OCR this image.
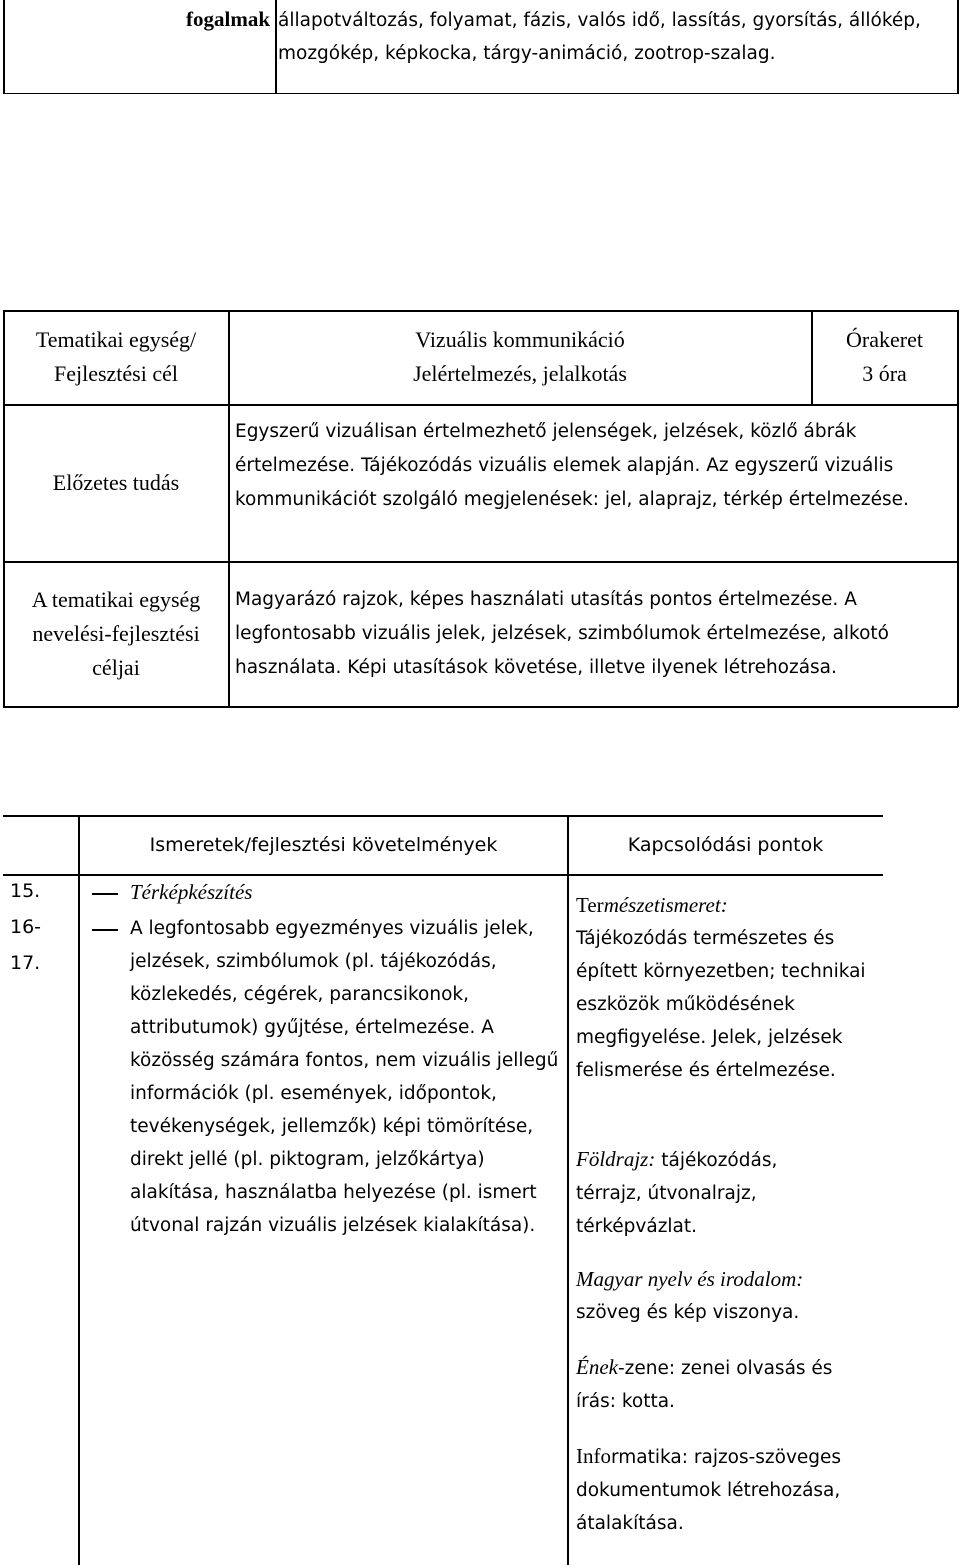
fogalmak állapotváltozás, folyamat, fázis, valós idő, lassítás, gyorsítás, állókép, mozgókép, képkocka, tárgy-animáció, zootrop-szalag.
Tematikai egység/
Fejlesztési cél
Vizuális kommunikáció
Jelértelmezés, jelalkotás
Órakeret
3 óra
Előzetes tudás
Egyszerű vizuálisan értelmezhető jelenségek, jelzések, közlő ábrák értelmezése. Tájékozódás vizuális elemek alapján. Az egyszerű vizuális kommunikációt szolgáló megjelenések: jel, alaprajz, térkép értelmezése.
A tematikai egység
nevelési-fejlesztési
céljai
Magyarázó rajzok, képes használati utasítás pontos értelmezése. A legfontosabb vizuális jelek, jelzések, szimbólumok értelmezése, alkotó használata. Képi utasítások követése, illetve ilyenek létrehozása.
Ismeretek/fejlesztési követelmények	Kapcsolódási pontok
15.
16-
17.
Térképkészítés
A legfontosabb egyezményes vizuális jelek, jelzések, szimbólumok (pl. tájékozódás, közlekedés, cégérek, parancsikonok, attributumok) gyűjtése, értelmezése. A közösség számára fontos, nem vizuális jellegű információk (pl. események, időpontok, tevékenységek, jellemzők) képi tömörítése, direkt jellé (pl. piktogram, jelzőkártya) alakítása, használatba helyezése (pl. ismert útvonal rajzán vizuális jelzések kialakítása).
Természetismeret:
Tájékozódás természetes és épített környezetben; technikai eszközök működésének megfigyelése. Jelek, jelzések felismerése és értelmezése.
Földrajz: tájékozódás,
térrajz, útvonalrajz, térképvázlat.
Magyar nyelv és irodalom:
szöveg és kép viszonya.
Ének-zene: zenei olvasás és írás: kotta.
Informatika: rajzos-szöveges dokumentumok létrehozása, átalakítása.
